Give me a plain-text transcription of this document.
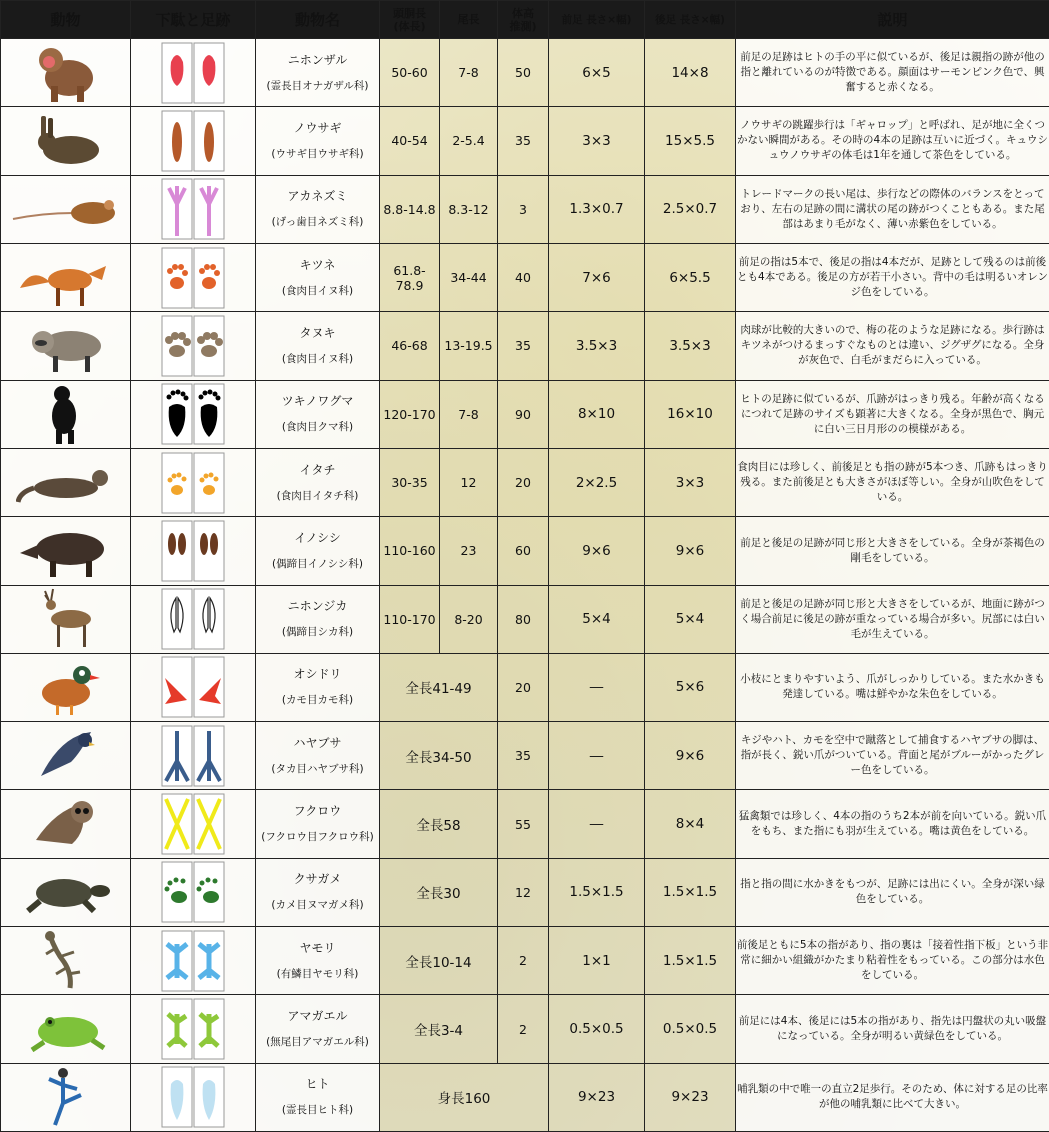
動物	下駄と足跡	動物名	頭胴長
(体長)	尾長	体高
推測)	前足 長さ×幅)	後足 長さ×幅)	説明

ニホンザル
(霊長目オナガザル科)	50-60	7-8	50	6×5	14×8	前足の足跡はヒトの手の平に似ているが、後足は親指の跡が他の指と離れているのが特徴である。顔面はサーモンピンク色で、興奮すると赤くなる。

ノウサギ
(ウサギ目ウサギ科)	40-54	2-5.4	35	3×3	15×5.5	ノウサギの跳躍歩行は「ギャロップ」と呼ばれ、足が地に全くつかない瞬間がある。その時の4本の足跡は互いに近づく。キュウシュウノウサギの体毛は1年を通して茶色をしている。

アカネズミ
(げっ歯目ネズミ科)	8.8-14.8	8.3-12	3	1.3×0.7	2.5×0.7	トレードマークの長い尾は、歩行などの際体のバランスをとっており、左右の足跡の間に溝状の尾の跡がつくこともある。また尾部はあまり毛がなく、薄い赤紫色をしている。

キツネ
(食肉目イヌ科)	61.8-78.9	34-44	40	7×6	6×5.5	前足の指は5本で、後足の指は4本だが、足跡として残るのは前後とも4本である。後足の方が若干小さい。背中の毛は明るいオレンジ色をしている。

タヌキ
(食肉目イヌ科)	46-68	13-19.5	35	3.5×3	3.5×3	肉球が比較的大きいので、梅の花のような足跡になる。歩行跡はキツネがつけるまっすぐなものとは違い、ジグザグになる。全身が灰色で、白毛がまだらに入っている。

ツキノワグマ
(食肉目クマ科)	120-170	7-8	90	8×10	16×10	ヒトの足跡に似ているが、爪跡がはっきり残る。年齢が高くなるにつれて足跡のサイズも顕著に大きくなる。全身が黒色で、胸元に白い三日月形のの模様がある。

イタチ
(食肉目イタチ科)	30-35	12	20	2×2.5	3×3	食肉目には珍しく、前後足とも指の跡が5本つき、爪跡もはっきり残る。また前後足とも大きさがほぼ等しい。全身が山吹色をしている。

イノシシ
(偶蹄目イノシシ科)	110-160	23	60	9×6	9×6	前足と後足の足跡が同じ形と大きさをしている。全身が茶褐色の剛毛をしている。

ニホンジカ
(偶蹄目シカ科)	110-170	8-20	80	5×4	5×4	前足と後足の足跡が同じ形と大きさをしているが、地面に跡がつく場合前足に後足の跡が重なっている場合が多い。尻部には白い毛が生えている。

オシドリ
(カモ目カモ科)	全長41-49		20	―	5×6	小枝にとまりやすいよう、爪がしっかりしている。また水かきも発達している。嘴は鮮やかな朱色をしている。

ハヤブサ
(タカ目ハヤブサ科)	全長34-50		35	―	9×6	キジやハト、カモを空中で蹴落として捕食するハヤブサの脚は、指が長く、鋭い爪がついている。背面と尾がブルーがかったグレー色をしている。

フクロウ
(フクロウ目フクロウ科)	全長58		55	―	8×4	猛禽類では珍しく、4本の指のうち2本が前を向いている。鋭い爪をもち、また指にも羽が生えている。嘴は黄色をしている。

クサガメ
(カメ目ヌマガメ科)	全長30		12	1.5×1.5	1.5×1.5	指と指の間に水かきをもつが、足跡には出にくい。全身が深い緑色をしている。

ヤモリ
(有鱗目ヤモリ科)	全長10-14		2	1×1	1.5×1.5	前後足ともに5本の指があり、指の裏は「接着性指下板」という非常に細かい組織がかたまり粘着性をもっている。この部分は水色をしている。

アマガエル
(無尾目アマガエル科)	全長3-4		2	0.5×0.5	0.5×0.5	前足には4本、後足には5本の指があり、指先は円盤状の丸い吸盤になっている。全身が明るい黄緑色をしている。

ヒト
(霊長目ヒト科)	身長160			9×23	9×23	哺乳類の中で唯一の直立2足歩行。そのため、体に対する足の比率が他の哺乳類に比べて大きい。
